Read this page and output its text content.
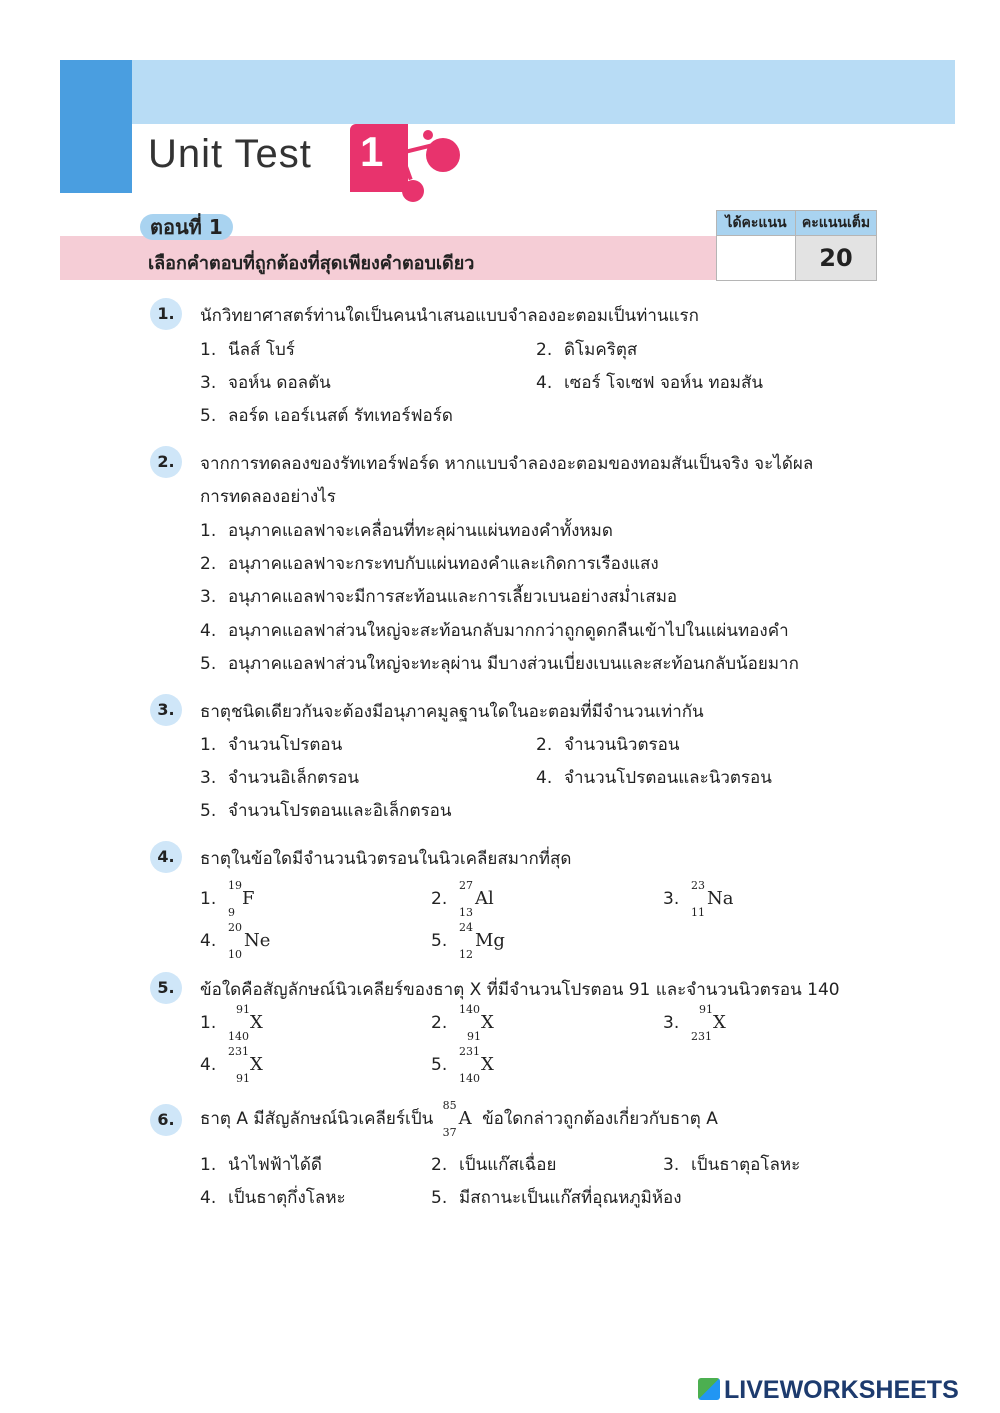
Unit Test 1
ตอนที่ 1
เลือกคำตอบที่ถูกต้องที่สุดเพียงคำตอบเดียว
ได้คะแนน	คะแนนเต็ม
	20
1.	นักวิทยาศาสตร์ท่านใดเป็นคนนำเสนอแบบจำลองอะตอมเป็นท่านแรก
1. นีลส์ โบร์	2. ดิโมคริตุส
3. จอห์น ดอลตัน	4. เซอร์ โจเซฟ จอห์น ทอมสัน
5. ลอร์ด เออร์เนสต์ รัทเทอร์ฟอร์ด
2.	จากการทดลองของรัทเทอร์ฟอร์ด หากแบบจำลองอะตอมของทอมสันเป็นจริง จะได้ผล
การทดลองอย่างไร
1. อนุภาคแอลฟาจะเคลื่อนที่ทะลุผ่านแผ่นทองคำทั้งหมด
2. อนุภาคแอลฟาจะกระทบกับแผ่นทองคำและเกิดการเรืองแสง
3. อนุภาคแอลฟาจะมีการสะท้อนและการเลี้ยวเบนอย่างสม่ำเสมอ
4. อนุภาคแอลฟาส่วนใหญ่จะสะท้อนกลับมากกว่าถูกดูดกลืนเข้าไปในแผ่นทองคำ
5. อนุภาคแอลฟาส่วนใหญ่จะทะลุผ่าน มีบางส่วนเบี่ยงเบนและสะท้อนกลับน้อยมาก
3.	ธาตุชนิดเดียวกันจะต้องมีอนุภาคมูลฐานใดในอะตอมที่มีจำนวนเท่ากัน
1. จำนวนโปรตอน	2. จำนวนนิวตรอน
3. จำนวนอิเล็กตรอน	4. จำนวนโปรตอนและนิวตรอน
5. จำนวนโปรตอนและอิเล็กตรอน
4.	ธาตุในข้อใดมีจำนวนนิวตรอนในนิวเคลียสมากที่สุด
1.
19
9
F	2.
27
13
Al	3.
23
11
Na
4.
20
10
Ne	5.
24
12
Mg
5.	ข้อใดคือสัญลักษณ์นิวเคลียร์ของธาตุ X ที่มีจำนวนโปรตอน 91 และจำนวนนิวตรอน 140
1.
91
140
X	2.
140
91
X	3.
91
231
X
4.
231
91
X	5.
231
140
X
6.	ธาตุ A มีสัญลักษณ์นิวเคลียร์เป็น
85
37
A ข้อใดกล่าวถูกต้องเกี่ยวกับธาตุ A
1. นำไฟฟ้าได้ดี	2. เป็นแก๊สเฉื่อย	3. เป็นธาตุอโลหะ
4. เป็นธาตุกึ่งโลหะ	5. มีสถานะเป็นแก๊สที่อุณหภูมิห้อง
LIVEWORKSHEETS
